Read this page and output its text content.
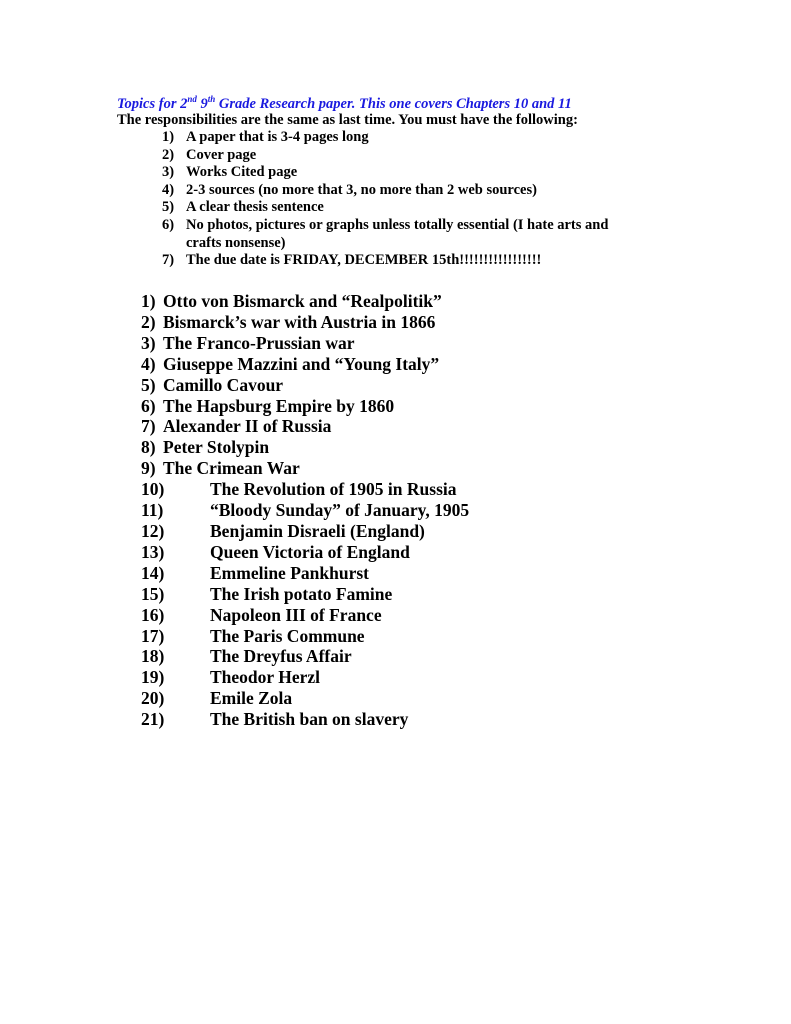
Topics for 2nd 9th Grade Research paper. This one covers Chapters 10 and 11
The responsibilities are the same as last time. You must have the following:
1) A paper that is 3-4 pages long
2) Cover page
3) Works Cited page
4) 2-3 sources (no more that 3, no more than 2 web sources)
5) A clear thesis sentence
6) No photos, pictures or graphs unless totally essential (I hate arts and crafts nonsense)
7) The due date is FRIDAY, DECEMBER 15th!!!!!!!!!!!!!!!!!
1) Otto von Bismarck and “Realpolitik”
2) Bismarck’s war with Austria in 1866
3) The Franco-Prussian war
4) Giuseppe Mazzini and “Young Italy”
5) Camillo Cavour
6) The Hapsburg Empire by 1860
7) Alexander II of Russia
8) Peter Stolypin
9) The Crimean War
10)	The Revolution of 1905 in Russia
11)	“Bloody Sunday” of January, 1905
12)	Benjamin Disraeli (England)
13)	Queen Victoria of England
14)	Emmeline Pankhurst
15)	The Irish potato Famine
16)	Napoleon III of France
17)	The Paris Commune
18)	The Dreyfus Affair
19)	Theodor Herzl
20)	Emile Zola
21)	The British ban on slavery
